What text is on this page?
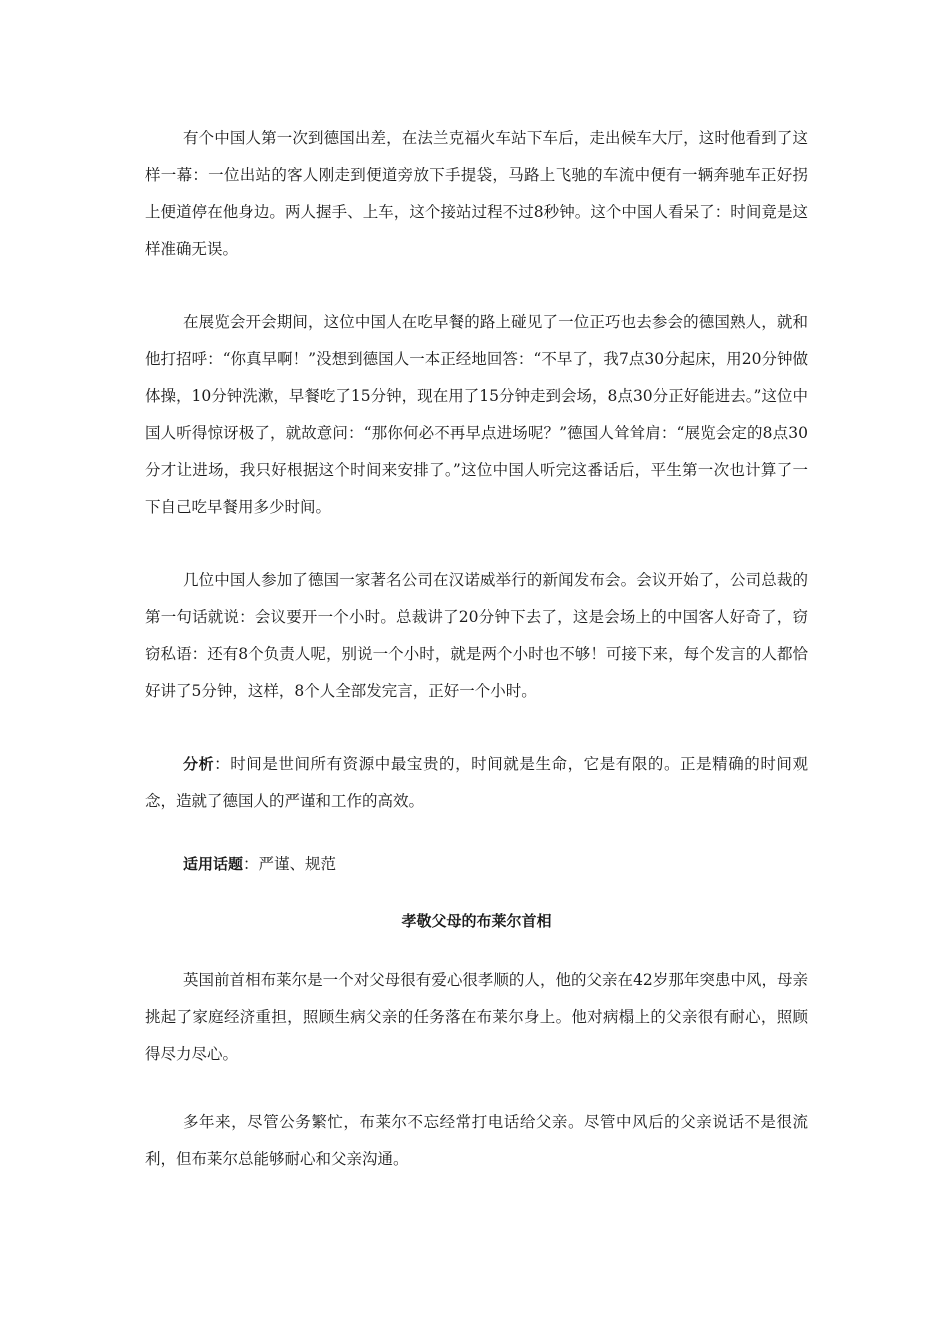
有个中国人第一次到德国出差，在法兰克福火车站下车后，走出候车大厅，这时他看到了这样一幕：一位出站的客人刚走到便道旁放下手提袋，马路上飞驰的车流中便有一辆奔驰车正好拐上便道停在他身边。两人握手、上车，这个接站过程不过8秒钟。这个中国人看呆了：时间竟是这样准确无误。

在展览会开会期间，这位中国人在吃早餐的路上碰见了一位正巧也去参会的德国熟人，就和他打招呼：“你真早啊！”没想到德国人一本正经地回答：“不早了，我7点30分起床，用20分钟做体操，10分钟洗漱，早餐吃了15分钟，现在用了15分钟走到会场，8点30分正好能进去。”这位中国人听得惊讶极了，就故意问：“那你何必不再早点进场呢？”德国人耸耸肩：“展览会定的8点30分才让进场，我只好根据这个时间来安排了。”这位中国人听完这番话后，平生第一次也计算了一下自己吃早餐用多少时间。

几位中国人参加了德国一家著名公司在汉诺威举行的新闻发布会。会议开始了，公司总裁的第一句话就说：会议要开一个小时。总裁讲了20分钟下去了，这是会场上的中国客人好奇了，窃窃私语：还有8个负责人呢，别说一个小时，就是两个小时也不够！可接下来，每个发言的人都恰好讲了5分钟，这样，8个人全部发完言，正好一个小时。

分析：时间是世间所有资源中最宝贵的，时间就是生命，它是有限的。正是精确的时间观念，造就了德国人的严谨和工作的高效。

适用话题：严谨、规范

孝敬父母的布莱尔首相

英国前首相布莱尔是一个对父母很有爱心很孝顺的人，他的父亲在42岁那年突患中风，母亲挑起了家庭经济重担，照顾生病父亲的任务落在布莱尔身上。他对病榻上的父亲很有耐心，照顾得尽力尽心。

多年来，尽管公务繁忙，布莱尔不忘经常打电话给父亲。尽管中风后的父亲说话不是很流利，但布莱尔总能够耐心和父亲沟通。
